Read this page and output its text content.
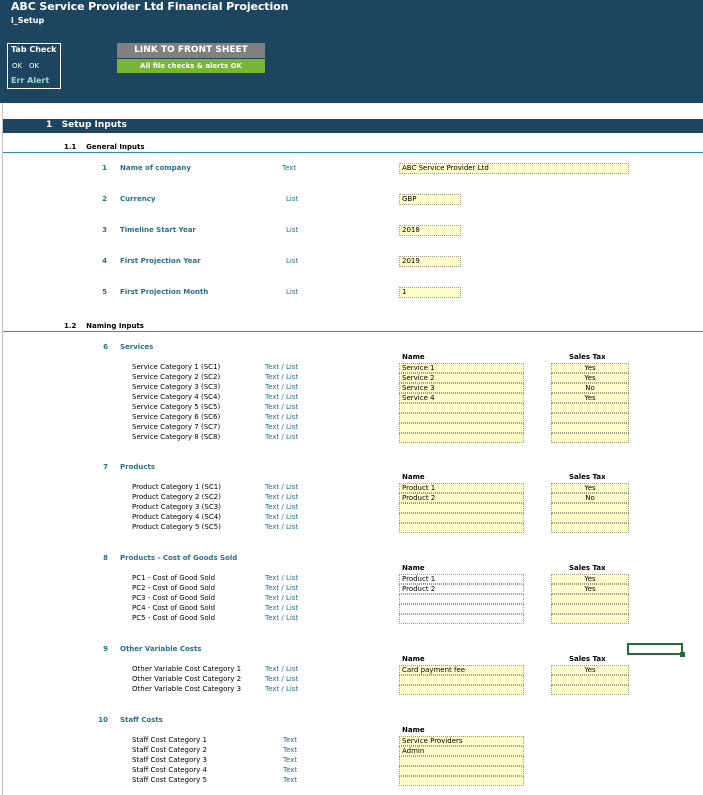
ABC Service Provider Ltd Financial Projection
i_Setup
Tab Check
OK OK
Err Alert
LINK TO FRONT SHEET
All file checks & alerts OK
1 Setup Inputs
1.1 General Inputs
1 Name of company	Text	ABC Service Provider Ltd
2 Currency	List	GBP
3 Timeline Start Year	List	2018
4 First Projection Year	List	2019
5 First Projection Month	List	1
1.2 Naming Inputs
6 Services
Name	Sales Tax
Service Category 1 (SC1)	Text / List	Service 1	Yes
Service Category 2 (SC2)	Text / List	Service 2	Yes
Service Category 3 (SC3)	Text / List	Service 3	No
Service Category 4 (SC4)	Text / List	Service 4	Yes
Service Category 5 (SC5)	Text / List
Service Category 6 (SC6)	Text / List
Service Category 7 (SC7)	Text / List
Service Category 8 (SC8)	Text / List
7 Products
Name	Sales Tax
Product Category 1 (SC1)	Text / List	Product 1	Yes
Product Category 2 (SC2)	Text / List	Product 2	No
Product Category 3 (SC3)	Text / List
Product Category 4 (SC4)	Text / List
Product Category 5 (SC5)	Text / List
8 Products - Cost of Goods Sold
Name	Sales Tax
PC1 - Cost of Good Sold	Text / List	Product 1	Yes
PC2 - Cost of Good Sold	Text / List	Product 2	Yes
PC3 - Cost of Good Sold	Text / List
PC4 - Cost of Good Sold	Text / List
PC5 - Cost of Good Sold	Text / List
9 Other Variable Costs
Name	Sales Tax
Other Variable Cost Category 1	Text / List	Card payment fee	Yes
Other Variable Cost Category 2	Text / List
Other Variable Cost Category 3	Text / List
10 Staff Costs
Name
Staff Cost Category 1	Text	Service Providers
Staff Cost Category 2	Text	Admin
Staff Cost Category 3	Text
Staff Cost Category 4	Text
Staff Cost Category 5	Text
